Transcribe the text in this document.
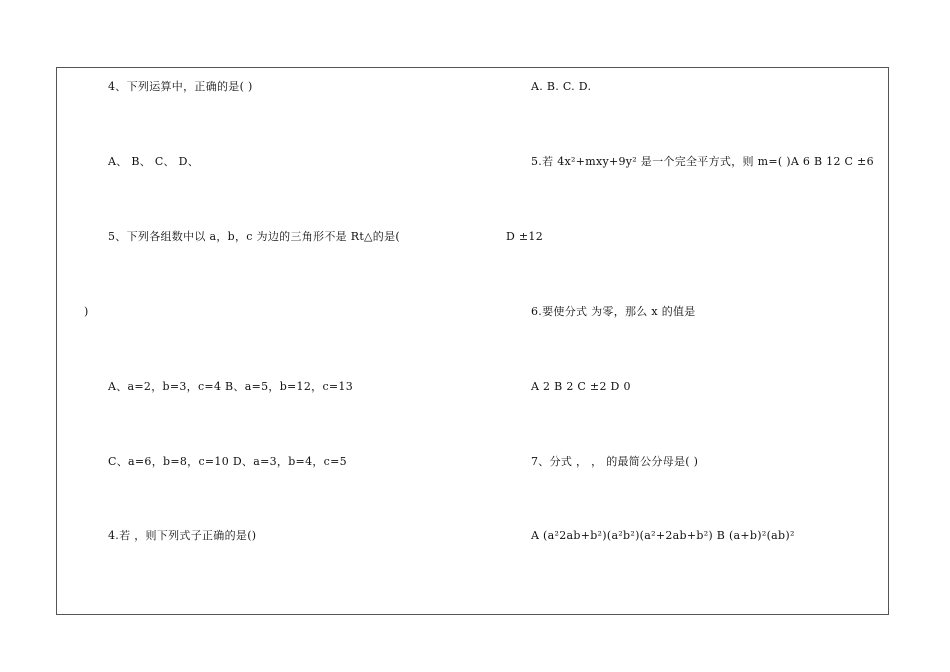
4、下列运算中，正确的是( )
A、 B、 C、 D、
5、下列各组数中以 a，b，c 为边的三角形不是 Rt△的是(
)
A、a=2，b=3，c=4 B、a=5，b=12，c=13
C、a=6，b=8，c=10 D、a=3，b=4，c=5
4.若 ，则下列式子正确的是()
A. B. C. D.
5.若 4x²+mxy+9y² 是一个完全平方式，则 m=( )A 6 B 12 C ±6
D ±12
6.要使分式 为零，那么 x 的值是
A 2 B 2 C ±2 D 0
7、分式 ， ， 的最简公分母是( )
A (a²2ab+b²)(a²b²)(a²+2ab+b²) B (a+b)²(ab)²
